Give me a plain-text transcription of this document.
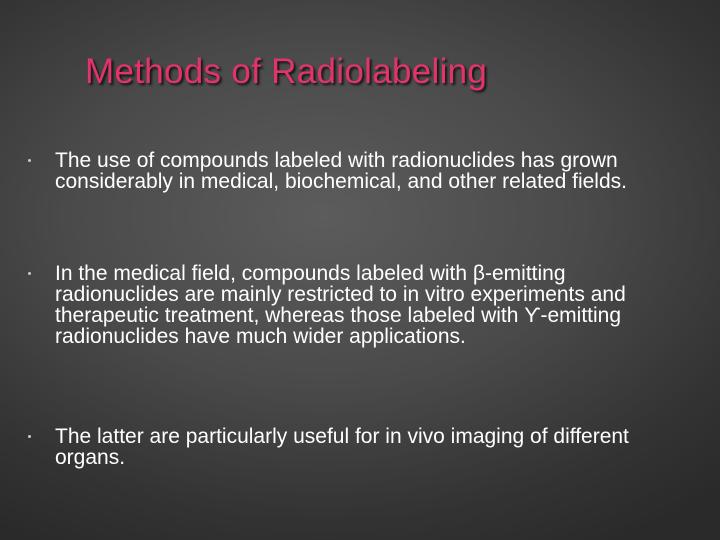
Methods of Radiolabeling
The use of compounds labeled with radionuclides has grown considerably in medical, biochemical, and other related fields.
In the medical field, compounds labeled with β-emitting radionuclides are mainly restricted to in vitro experiments and therapeutic treatment, whereas those labeled with ϒ-emitting radionuclides have much wider applications.
The latter are particularly useful for in vivo imaging of different organs.
